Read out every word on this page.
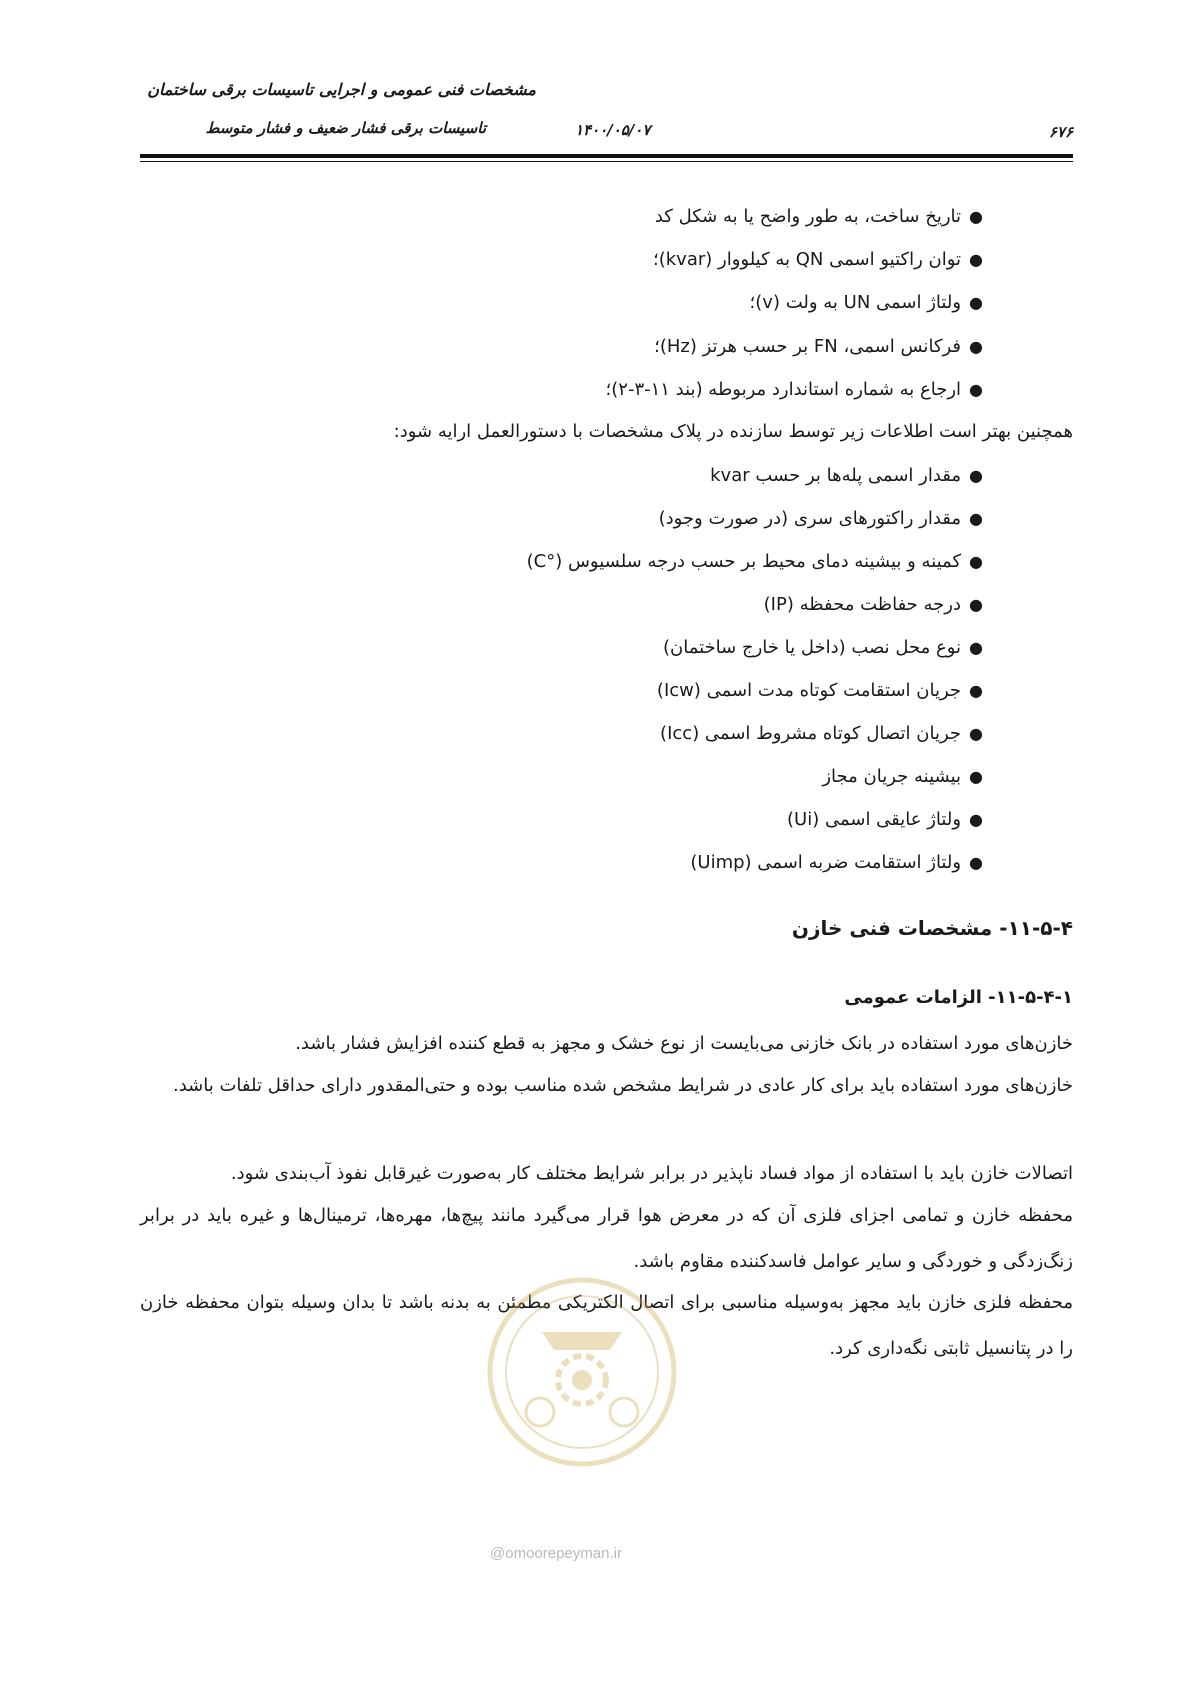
مشخصات فنی عمومی و اجرایی تاسیسات برقی ساختمان
تاسیسات برقی فشار ضعیف و فشار متوسط	۱۴۰۰/۰۵/۰۷	۶۷۶
●تاریخ ساخت، به طور واضح یا به شکل کد
●توان راکتیو اسمی QN به کیلووار (kvar)؛
●ولتاژ اسمی UN به ولت (v)؛
●فرکانس اسمی، FN بر حسب هرتز (Hz)؛
●ارجاع به شماره استاندارد مربوطه (بند ۱۱-۳-۲)؛
همچنین بهتر است اطلاعات زیر توسط سازنده در پلاک مشخصات با دستورالعمل ارایه شود:
●مقدار اسمی پله‌ها بر حسب kvar
●مقدار راکتورهای سری (در صورت وجود)
●کمینه و بیشینه دمای محیط بر حسب درجه سلسیوس (°C)
●درجه حفاظت محفظه (IP)
●نوع محل نصب (داخل یا خارج ساختمان)
●جریان استقامت کوتاه مدت اسمی (Icw)
●جریان اتصال کوتاه مشروط اسمی (Icc)
●بیشینه جریان مجاز
●ولتاژ عایقی اسمی (Ui)
●ولتاژ استقامت ضربه اسمی (Uimp)
۱۱-۵-۴- مشخصات فنی خازن
۱۱-۵-۴-۱- الزامات عمومی
خازن‌های مورد استفاده در بانک خازنی می‌بایست از نوع خشک و مجهز به قطع کننده افزایش فشار باشد.
خازن‌های مورد استفاده باید برای کار عادی در شرایط مشخص شده مناسب بوده و حتی‌المقدور دارای حداقل تلفات باشد.
اتصالات خازن باید با استفاده از مواد فساد ناپذیر در برابر شرایط مختلف کار به‌صورت غیرقابل نفوذ آب‌بندی شود.
محفظه خازن و تمامی اجزای فلزی آن که در معرض هوا قرار می‌گیرد مانند پیچ‌ها، مهره‌ها، ترمینال‌ها و غیره باید در برابر زنگ‌زدگی و خوردگی و سایر عوامل فاسدکننده مقاوم باشد.
محفظه فلزی خازن باید مجهز به‌وسیله مناسبی برای اتصال الکتریکی مطمئن به بدنه باشد تا بدان وسیله بتوان محفظه خازن را در پتانسیل ثابتی نگه‌داری کرد.
@omoorepeyman.ir
